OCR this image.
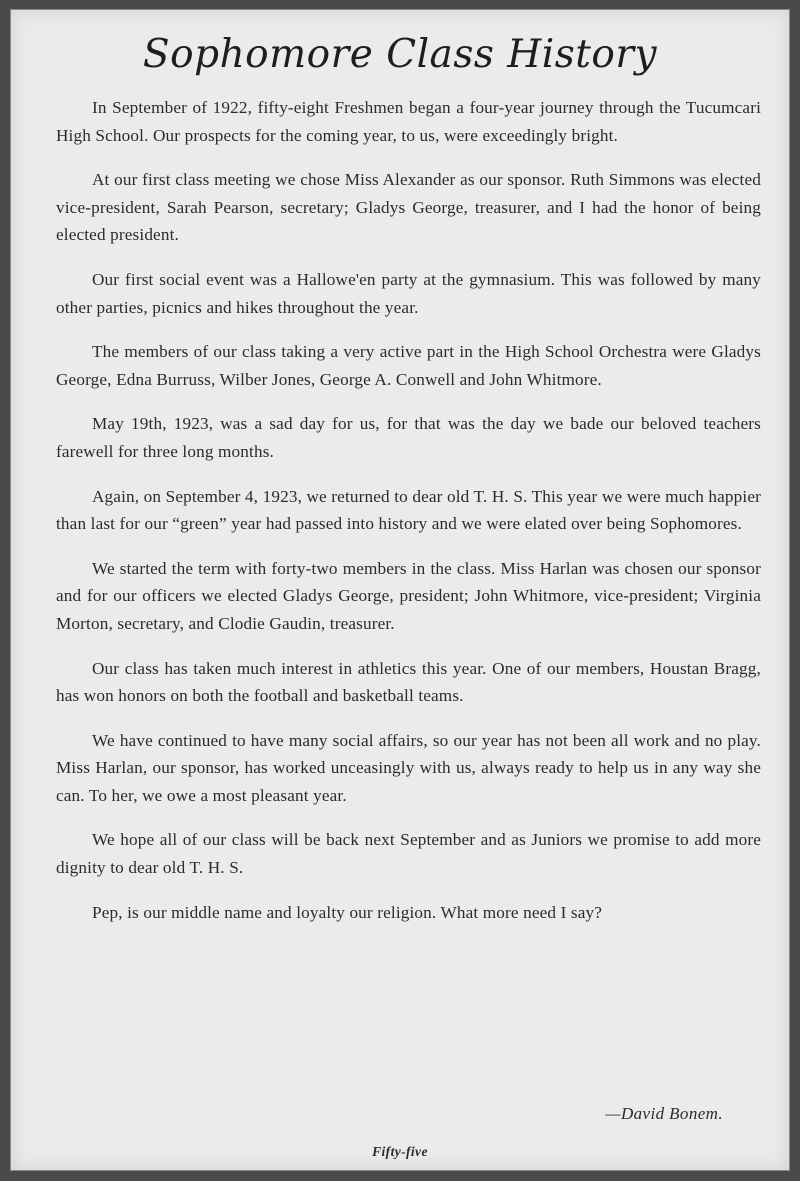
Sophomore Class History

In September of 1922, fifty-eight Freshmen began a four-year journey through the Tucumcari High School. Our prospects for the coming year, to us, were exceedingly bright.

At our first class meeting we chose Miss Alexander as our sponsor. Ruth Simmons was elected vice-president, Sarah Pearson, secretary; Gladys George, treasurer, and I had the honor of being elected president.

Our first social event was a Hallowe'en party at the gymnasium. This was followed by many other parties, picnics and hikes throughout the year.

The members of our class taking a very active part in the High School Orchestra were Gladys George, Edna Burruss, Wilber Jones, George A. Conwell and John Whitmore.

May 19th, 1923, was a sad day for us, for that was the day we bade our beloved teachers farewell for three long months.

Again, on September 4, 1923, we returned to dear old T. H. S. This year we were much happier than last for our “green” year had passed into history and we were elated over being Sophomores.

We started the term with forty-two members in the class. Miss Harlan was chosen our sponsor and for our officers we elected Gladys George, president; John Whitmore, vice-president; Virginia Morton, secretary, and Clodie Gaudin, treasurer.

Our class has taken much interest in athletics this year. One of our members, Houstan Bragg, has won honors on both the football and basketball teams.

We have continued to have many social affairs, so our year has not been all work and no play. Miss Harlan, our sponsor, has worked unceasingly with us, always ready to help us in any way she can. To her, we owe a most pleasant year.

We hope all of our class will be back next September and as Juniors we promise to add more dignity to dear old T. H. S.

Pep, is our middle name and loyalty our religion. What more need I say?

—David Bonem.
Fifty-five
